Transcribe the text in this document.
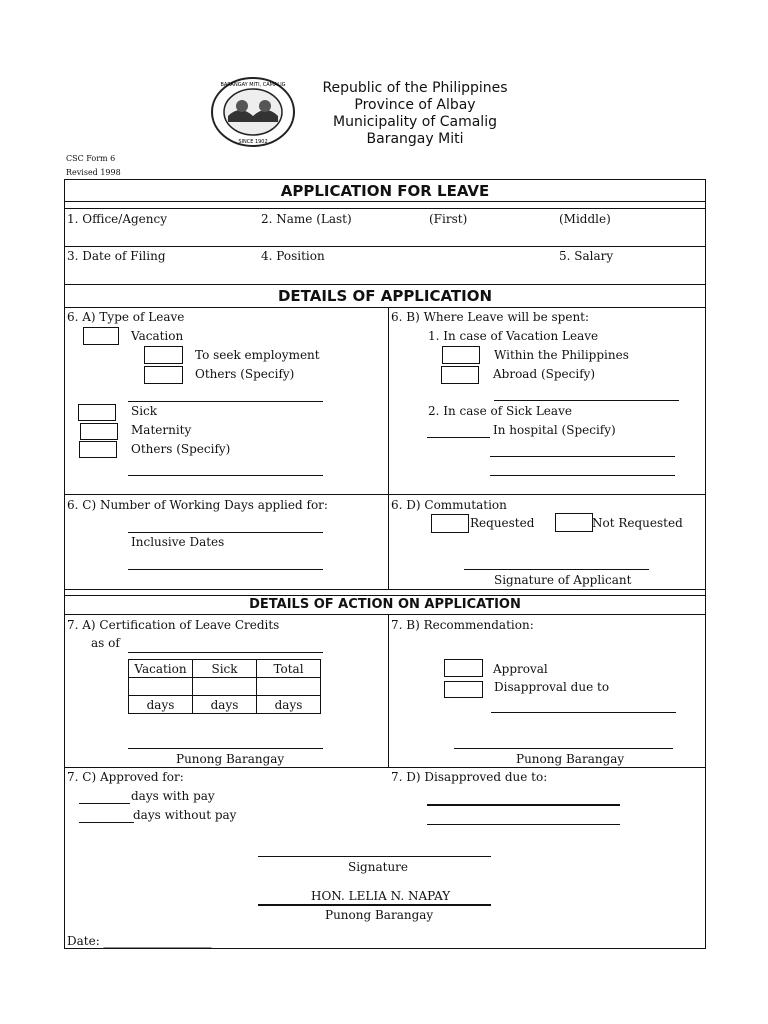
BARANGAY MITI, CAMALIG
SINCE 1902
Republic of the Philippines
Province of Albay
Municipality of Camalig
Barangay Miti
CSC Form 6
Revised 1998
APPLICATION FOR LEAVE
1. Office/Agency	2. Name (Last)	(First)	(Middle)
3. Date of Filing	4. Position	5. Salary
DETAILS OF APPLICATION
6. A) Type of Leave
Vacation
To seek employment
Others (Specify)
Sick
Maternity
Others (Specify)
6. B) Where Leave will be spent:
1. In case of Vacation Leave
Within the Philippines
Abroad (Specify)
2. In case of Sick Leave
In hospital (Specify)
6. C) Number of Working Days applied for:
Inclusive Dates
6. D) Commutation
Requested	Not Requested
Signature of Applicant
DETAILS OF ACTION ON APPLICATION
7. A) Certification of Leave Credits
as of
Vacation	Sick	Total

days	days	days
Punong Barangay
7. B) Recommendation:
Approval
Disapproval due to
Punong Barangay
7. C) Approved for:
days with pay
days without pay
7. D) Disapproved due to:
Signature
HON. LELIA N. NAPAY
Punong Barangay
Date: __________________
